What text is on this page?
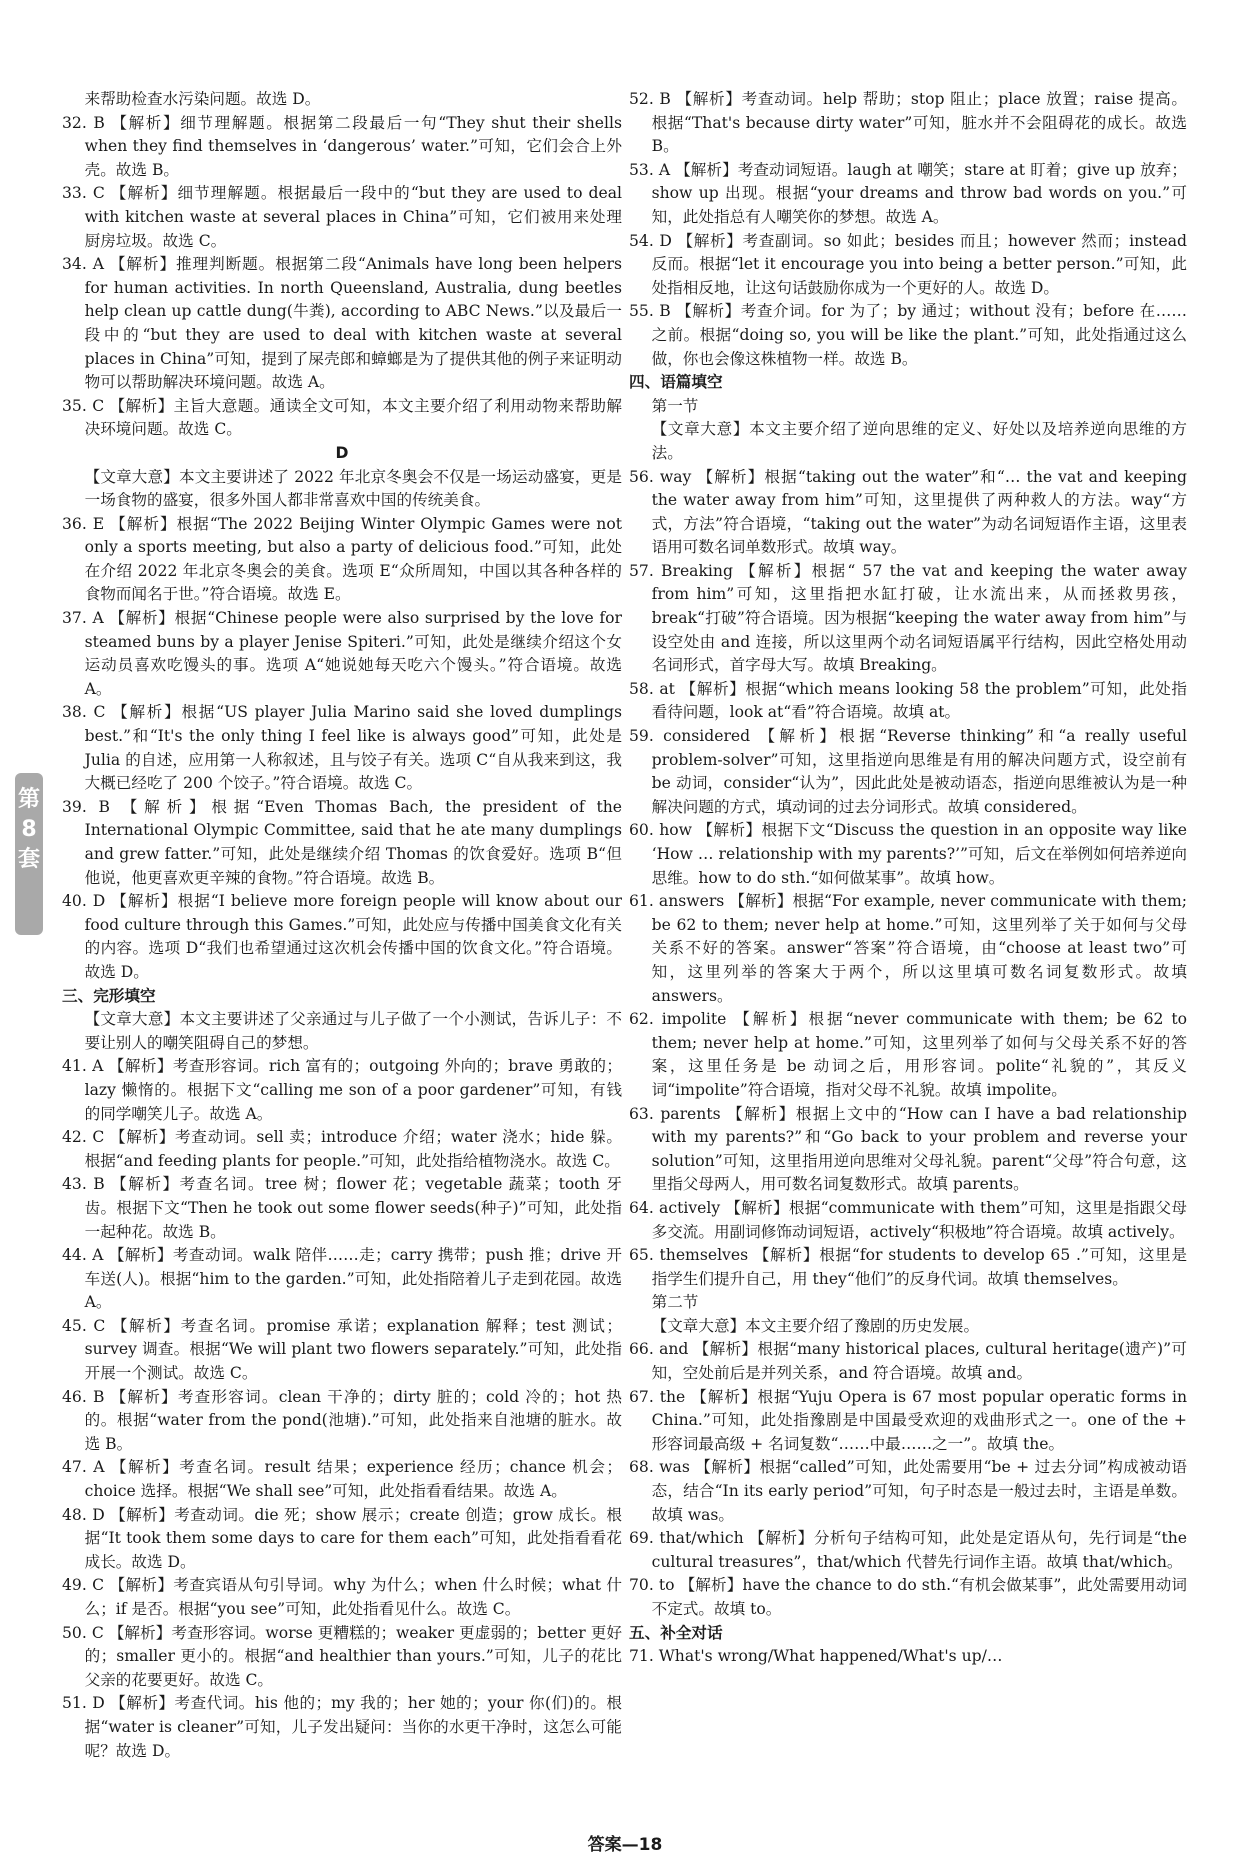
第
8
套

来帮助检查水污染问题。故选 D。

32. B 【解析】细节理解题。根据第二段最后一句“They shut their shells when they find themselves in ‘dangerous’ water.”可知，它们会合上外壳。故选 B。

33. C 【解析】细节理解题。根据最后一段中的“but they are used to deal with kitchen waste at several places in China”可知，它们被用来处理厨房垃圾。故选 C。

34. A 【解析】推理判断题。根据第二段“Animals have long been helpers for human activities. In north Queensland, Australia, dung beetles help clean up cattle dung(牛粪), according to ABC News.”以及最后一段中的“but they are used to deal with kitchen waste at several places in China”可知，提到了屎壳郎和蟑螂是为了提供其他的例子来证明动物可以帮助解决环境问题。故选 A。

35. C 【解析】主旨大意题。通读全文可知，本文主要介绍了利用动物来帮助解决环境问题。故选 C。

D

【文章大意】本文主要讲述了 2022 年北京冬奥会不仅是一场运动盛宴，更是一场食物的盛宴，很多外国人都非常喜欢中国的传统美食。

36. E 【解析】根据“The 2022 Beijing Winter Olympic Games were not only a sports meeting, but also a party of delicious food.”可知，此处在介绍 2022 年北京冬奥会的美食。选项 E“众所周知，中国以其各种各样的食物而闻名于世。”符合语境。故选 E。

37. A 【解析】根据“Chinese people were also surprised by the love for steamed buns by a player Jenise Spiteri.”可知，此处是继续介绍这个女运动员喜欢吃馒头的事。选项 A“她说她每天吃六个馒头。”符合语境。故选 A。

38. C 【解析】根据“US player Julia Marino said she loved dumplings best.”和“It's the only thing I feel like is always good”可知，此处是 Julia 的自述，应用第一人称叙述，且与饺子有关。选项 C“自从我来到这，我大概已经吃了 200 个饺子。”符合语境。故选 C。

39. B 【解析】根据“Even Thomas Bach, the president of the International Olympic Committee, said that he ate many dumplings and grew fatter.”可知，此处是继续介绍 Thomas 的饮食爱好。选项 B“但他说，他更喜欢更辛辣的食物。”符合语境。故选 B。

40. D 【解析】根据“I believe more foreign people will know about our food culture through this Games.”可知，此处应与传播中国美食文化有关的内容。选项 D“我们也希望通过这次机会传播中国的饮食文化。”符合语境。故选 D。

三、完形填空

【文章大意】本文主要讲述了父亲通过与儿子做了一个小测试，告诉儿子：不要让别人的嘲笑阻碍自己的梦想。

41. A 【解析】考查形容词。rich 富有的；outgoing 外向的；brave 勇敢的；lazy 懒惰的。根据下文“calling me son of a poor gardener”可知，有钱的同学嘲笑儿子。故选 A。

42. C 【解析】考查动词。sell 卖；introduce 介绍；water 浇水；hide 躲。根据“and feeding plants for people.”可知，此处指给植物浇水。故选 C。

43. B 【解析】考查名词。tree 树；flower 花；vegetable 蔬菜；tooth 牙齿。根据下文“Then he took out some flower seeds(种子)”可知，此处指一起种花。故选 B。

44. A 【解析】考查动词。walk 陪伴……走；carry 携带；push 推；drive 开车送(人)。根据“him to the garden.”可知，此处指陪着儿子走到花园。故选 A。

45. C 【解析】考查名词。promise 承诺；explanation 解释；test 测试；survey 调查。根据“We will plant two flowers separately.”可知，此处指开展一个测试。故选 C。

46. B 【解析】考查形容词。clean 干净的；dirty 脏的；cold 冷的；hot 热的。根据“water from the pond(池塘).”可知，此处指来自池塘的脏水。故选 B。

47. A 【解析】考查名词。result 结果；experience 经历；chance 机会；choice 选择。根据“We shall see”可知，此处指看看结果。故选 A。

48. D 【解析】考查动词。die 死；show 展示；create 创造；grow 成长。根据“It took them some days to care for them each”可知，此处指看看花成长。故选 D。

49. C 【解析】考查宾语从句引导词。why 为什么；when 什么时候；what 什么；if 是否。根据“you see”可知，此处指看见什么。故选 C。

50. C 【解析】考查形容词。worse 更糟糕的；weaker 更虚弱的；better 更好的；smaller 更小的。根据“and healthier than yours.”可知，儿子的花比父亲的花要更好。故选 C。

51. D 【解析】考查代词。his 他的；my 我的；her 她的；your 你(们)的。根据“water is cleaner”可知，儿子发出疑问：当你的水更干净时，这怎么可能呢？故选 D。

52. B 【解析】考查动词。help 帮助；stop 阻止；place 放置；raise 提高。根据“That's because dirty water”可知，脏水并不会阻碍花的成长。故选 B。

53. A 【解析】考查动词短语。laugh at 嘲笑；stare at 盯着；give up 放弃；show up 出现。根据“your dreams and throw bad words on you.”可知，此处指总有人嘲笑你的梦想。故选 A。

54. D 【解析】考查副词。so 如此；besides 而且；however 然而；instead 反而。根据“let it encourage you into being a better person.”可知，此处指相反地，让这句话鼓励你成为一个更好的人。故选 D。

55. B 【解析】考查介词。for 为了；by 通过；without 没有；before 在……之前。根据“doing so, you will be like the plant.”可知，此处指通过这么做，你也会像这株植物一样。故选 B。

四、语篇填空

第一节

【文章大意】本文主要介绍了逆向思维的定义、好处以及培养逆向思维的方法。

56. way 【解析】根据“taking out the water”和“… the vat and keeping the water away from him”可知，这里提供了两种救人的方法。way“方式，方法”符合语境，“taking out the water”为动名词短语作主语，这里表语用可数名词单数形式。故填 way。

57. Breaking 【解析】根据“ 57 the vat and keeping the water away from him”可知，这里指把水缸打破，让水流出来，从而拯救男孩，break“打破”符合语境。因为根据“keeping the water away from him”与设空处由 and 连接，所以这里两个动名词短语属平行结构，因此空格处用动名词形式，首字母大写。故填 Breaking。

58. at 【解析】根据“which means looking 58 the problem”可知，此处指看待问题，look at“看”符合语境。故填 at。

59. considered 【解析】根据“Reverse thinking”和“a really useful problem-solver”可知，这里指逆向思维是有用的解决问题方式，设空前有 be 动词，consider“认为”，因此此处是被动语态，指逆向思维被认为是一种解决问题的方式，填动词的过去分词形式。故填 considered。

60. how 【解析】根据下文“Discuss the question in an opposite way like ‘How … relationship with my parents?’”可知，后文在举例如何培养逆向思维。how to do sth.“如何做某事”。故填 how。

61. answers 【解析】根据“For example, never communicate with them; be 62 to them; never help at home.”可知，这里列举了关于如何与父母关系不好的答案。answer“答案”符合语境，由“choose at least two”可知，这里列举的答案大于两个，所以这里填可数名词复数形式。故填 answers。

62. impolite 【解析】根据“never communicate with them; be 62 to them; never help at home.”可知，这里列举了如何与父母关系不好的答案，这里任务是 be 动词之后，用形容词。polite“礼貌的”，其反义词“impolite”符合语境，指对父母不礼貌。故填 impolite。

63. parents 【解析】根据上文中的“How can I have a bad relationship with my parents?”和“Go back to your problem and reverse your solution”可知，这里指用逆向思维对父母礼貌。parent“父母”符合句意，这里指父母两人，用可数名词复数形式。故填 parents。

64. actively 【解析】根据“communicate with them”可知，这里是指跟父母多交流。用副词修饰动词短语，actively“积极地”符合语境。故填 actively。

65. themselves 【解析】根据“for students to develop 65 .”可知，这里是指学生们提升自己，用 they“他们”的反身代词。故填 themselves。

第二节

【文章大意】本文主要介绍了豫剧的历史发展。

66. and 【解析】根据“many historical places, cultural heritage(遗产)”可知，空处前后是并列关系，and 符合语境。故填 and。

67. the 【解析】根据“Yuju Opera is 67 most popular operatic forms in China.”可知，此处指豫剧是中国最受欢迎的戏曲形式之一。one of the + 形容词最高级 + 名词复数“……中最……之一”。故填 the。

68. was 【解析】根据“called”可知，此处需要用“be + 过去分词”构成被动语态，结合“In its early period”可知，句子时态是一般过去时，主语是单数。故填 was。

69. that/which 【解析】分析句子结构可知，此处是定语从句，先行词是“the cultural treasures”，that/which 代替先行词作主语。故填 that/which。

70. to 【解析】have the chance to do sth.“有机会做某事”，此处需要用动词不定式。故填 to。

五、补全对话

71. What's wrong/What happened/What's up/…

答案—18
